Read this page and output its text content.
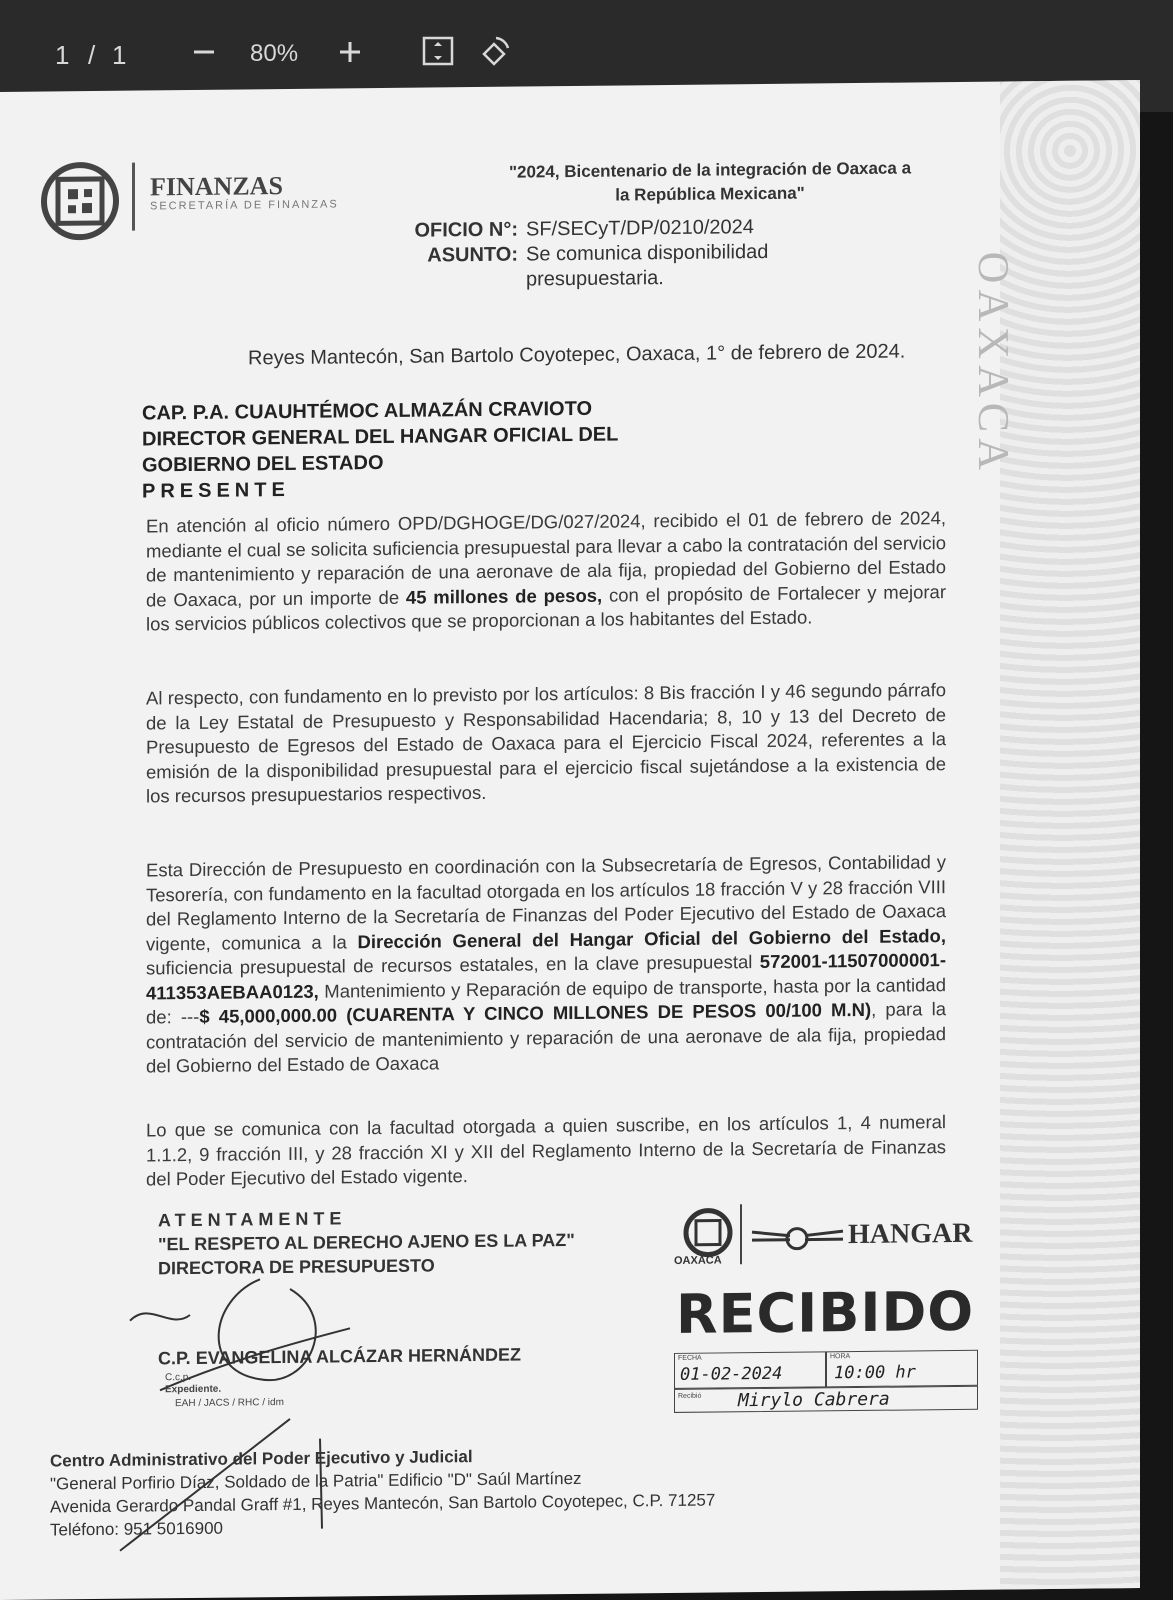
1 / 1	80%
OAXACA
FINANZAS
SECRETARÍA DE FINANZAS
"2024, Bicentenario de la integración de Oaxaca a
la República Mexicana"
OFICIO N°: SF/SECyT/DP/0210/2024
ASUNTO: Se comunica disponibilidad
presupuestaria.
Reyes Mantecón, San Bartolo Coyotepec, Oaxaca, 1° de febrero de 2024.
CAP. P.A. CUAUHTÉMOC ALMAZÁN CRAVIOTO
DIRECTOR GENERAL DEL HANGAR OFICIAL DEL
GOBIERNO DEL ESTADO
PRESENTE
En atención al oficio número OPD/DGHOGE/DG/027/2024, recibido el 01 de febrero de 2024, mediante el cual se solicita suficiencia presupuestal para llevar a cabo la contratación del servicio de mantenimiento y reparación de una aeronave de ala fija, propiedad del Gobierno del Estado de Oaxaca, por un importe de 45 millones de pesos, con el propósito de Fortalecer y mejorar los servicios públicos colectivos que se proporcionan a los habitantes del Estado.
Al respecto, con fundamento en lo previsto por los artículos: 8 Bis fracción I y 46 segundo párrafo de la Ley Estatal de Presupuesto y Responsabilidad Hacendaria; 8, 10 y 13 del Decreto de Presupuesto de Egresos del Estado de Oaxaca para el Ejercicio Fiscal 2024, referentes a la emisión de la disponibilidad presupuestal para el ejercicio fiscal sujetándose a la existencia de los recursos presupuestarios respectivos.
Esta Dirección de Presupuesto en coordinación con la Subsecretaría de Egresos, Contabilidad y Tesorería, con fundamento en la facultad otorgada en los artículos 18 fracción V y 28 fracción VIII del Reglamento Interno de la Secretaría de Finanzas del Poder Ejecutivo del Estado de Oaxaca vigente, comunica a la Dirección General del Hangar Oficial del Gobierno del Estado, suficiencia presupuestal de recursos estatales, en la clave presupuestal 572001-11507000001-411353AEBAA0123, Mantenimiento y Reparación de equipo de transporte, hasta por la cantidad de: ---$ 45,000,000.00 (CUARENTA Y CINCO MILLONES DE PESOS 00/100 M.N), para la contratación del servicio de mantenimiento y reparación de una aeronave de ala fija, propiedad del Gobierno del Estado de Oaxaca
Lo que se comunica con la facultad otorgada a quien suscribe, en los artículos 1, 4 numeral 1.1.2, 9 fracción III, y 28 fracción XI y XII del Reglamento Interno de la Secretaría de Finanzas del Poder Ejecutivo del Estado vigente.
ATENTAMENTE
"EL RESPETO AL DERECHO AJENO ES LA PAZ"
DIRECTORA DE PRESUPUESTO
C.P. EVANGELINA ALCÁZAR HERNÁNDEZ
C.c.p.
Expediente.
EAH / JACS / RHC / idm
OAXACA
HANGAR
RECIBIDO
FECHA
01-02-2024
HORA
10:00 hr
Recibió Mirylo Cabrera
Centro Administrativo del Poder Ejecutivo y Judicial
"General Porfirio Díaz, Soldado de la Patria" Edificio "D" Saúl Martínez
Avenida Gerardo Pandal Graff #1, Reyes Mantecón, San Bartolo Coyotepec, C.P. 71257
Teléfono: 951 5016900
